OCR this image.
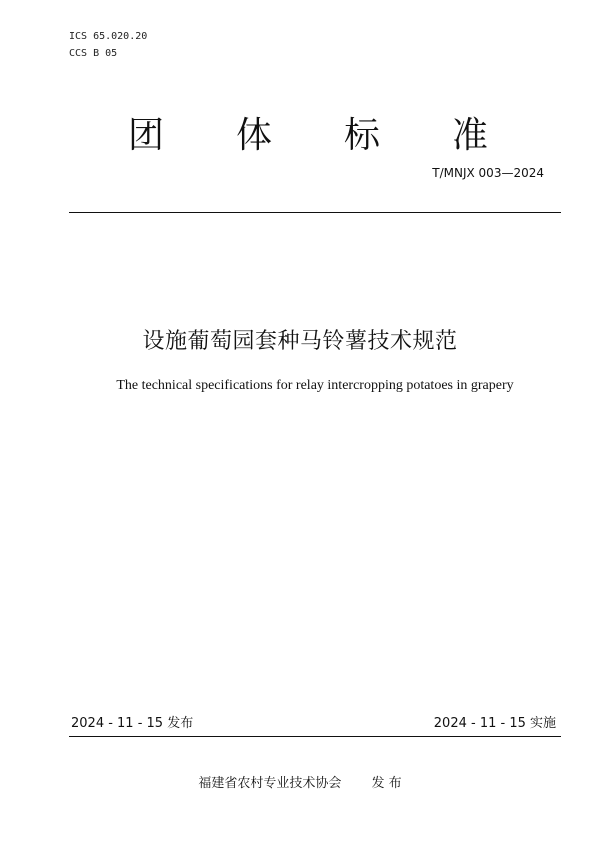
ICS 65.020.20
CCS B 05
团 体 标 准
T/MNJX 003—2024
设施葡萄园套种马铃薯技术规范
The technical specifications for relay intercropping potatoes in grapery
2024 - 11 - 15 发布	2024 - 11 - 15 实施
福建省农村专业技术协会 发 布
